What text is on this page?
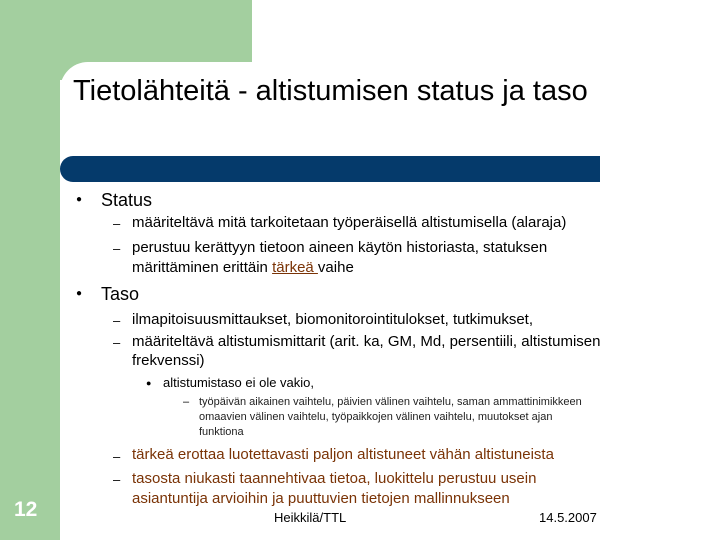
Tietolähteitä - altistumisen status ja taso
● Status
– määriteltävä mitä tarkoitetaan työperäisellä altistumisella (alaraja)
– perustuu kerättyyn tietoon aineen käytön historiasta, statuksen
märittäminen erittäin tärkeä vaihe
● Taso
– ilmapitoisuusmittaukset, biomonitorointitulokset, tutkimukset,
– määriteltävä altistumismittarit (arit. ka, GM, Md, persentiili, altistumisen
frekvenssi)
● altistumistaso ei ole vakio,
– työpäivän aikainen vaihtelu, päivien välinen vaihtelu, saman ammattinimikkeen
omaavien välinen vaihtelu, työpaikkojen välinen vaihtelu, muutokset ajan
funktiona
– tärkeä erottaa luotettavasti paljon altistuneet vähän altistuneista
– tasosta niukasti taannehtivaa tietoa, luokittelu perustuu usein
asiantuntija arvioihin ja puuttuvien tietojen mallinnukseen
12	Heikkilä/TTL	14.5.2007
